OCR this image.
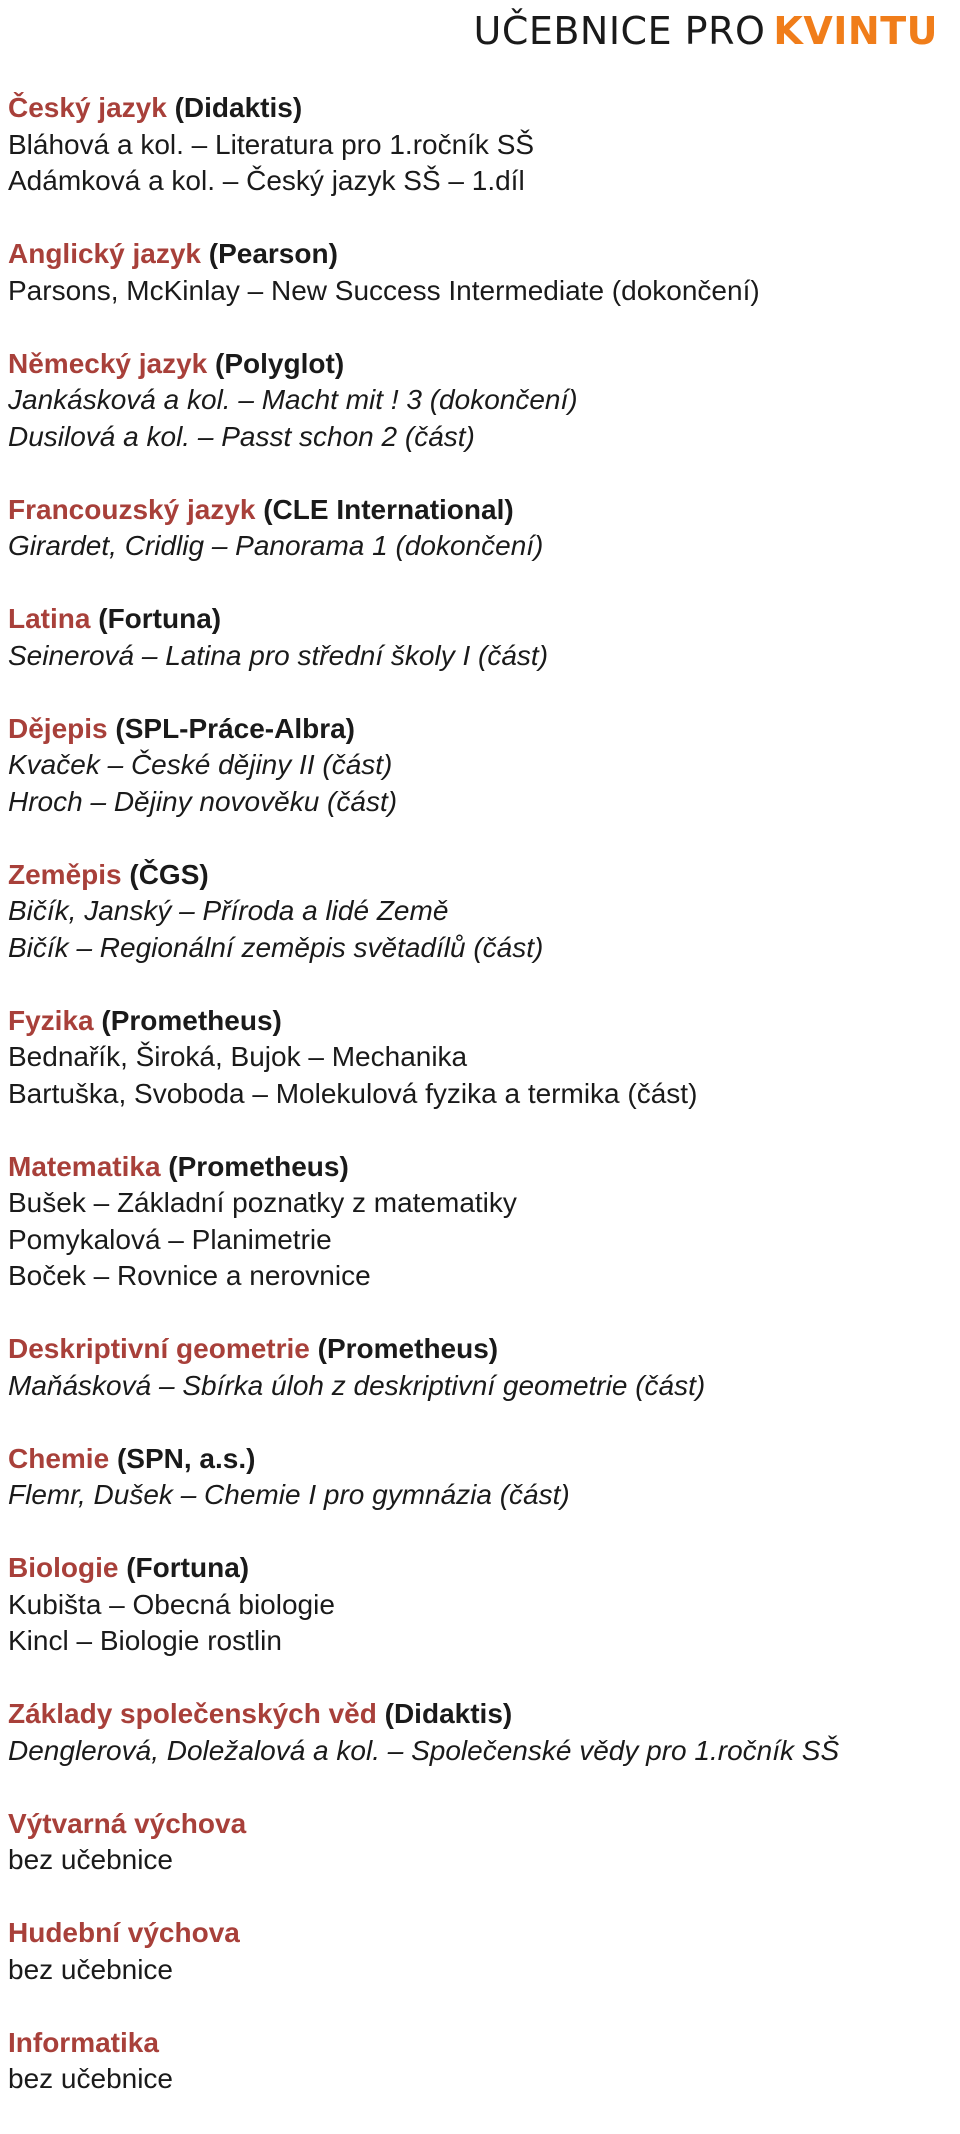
UČEBNICE PRO KVINTU
Český jazyk (Didaktis)
Bláhová a kol. – Literatura pro 1.ročník SŠ
Adámková a kol. – Český jazyk SŠ – 1.díl
Anglický jazyk (Pearson)
Parsons, McKinlay – New Success Intermediate (dokončení)
Německý jazyk (Polyglot)
Jankásková a kol. – Macht mit ! 3 (dokončení)
Dusilová a kol. – Passt schon 2 (část)
Francouzský jazyk (CLE International)
Girardet, Cridlig – Panorama 1 (dokončení)
Latina (Fortuna)
Seinerová – Latina pro střední školy I (část)
Dějepis (SPL-Práce-Albra)
Kvaček – České dějiny II (část)
Hroch – Dějiny novověku (část)
Zeměpis (ČGS)
Bičík, Janský – Příroda a lidé Země
Bičík – Regionální zeměpis světadílů (část)
Fyzika (Prometheus)
Bednařík, Široká, Bujok – Mechanika
Bartuška, Svoboda – Molekulová fyzika a termika (část)
Matematika (Prometheus)
Bušek – Základní poznatky z matematiky
Pomykalová – Planimetrie
Boček – Rovnice a nerovnice
Deskriptivní geometrie (Prometheus)
Maňásková – Sbírka úloh z deskriptivní geometrie (část)
Chemie (SPN, a.s.)
Flemr, Dušek – Chemie I pro gymnázia (část)
Biologie (Fortuna)
Kubišta – Obecná biologie
Kincl – Biologie rostlin
Základy společenských věd (Didaktis)
Denglerová, Doležalová a kol. – Společenské vědy pro 1.ročník SŠ
Výtvarná výchova
bez učebnice
Hudební výchova
bez učebnice
Informatika
bez učebnice
